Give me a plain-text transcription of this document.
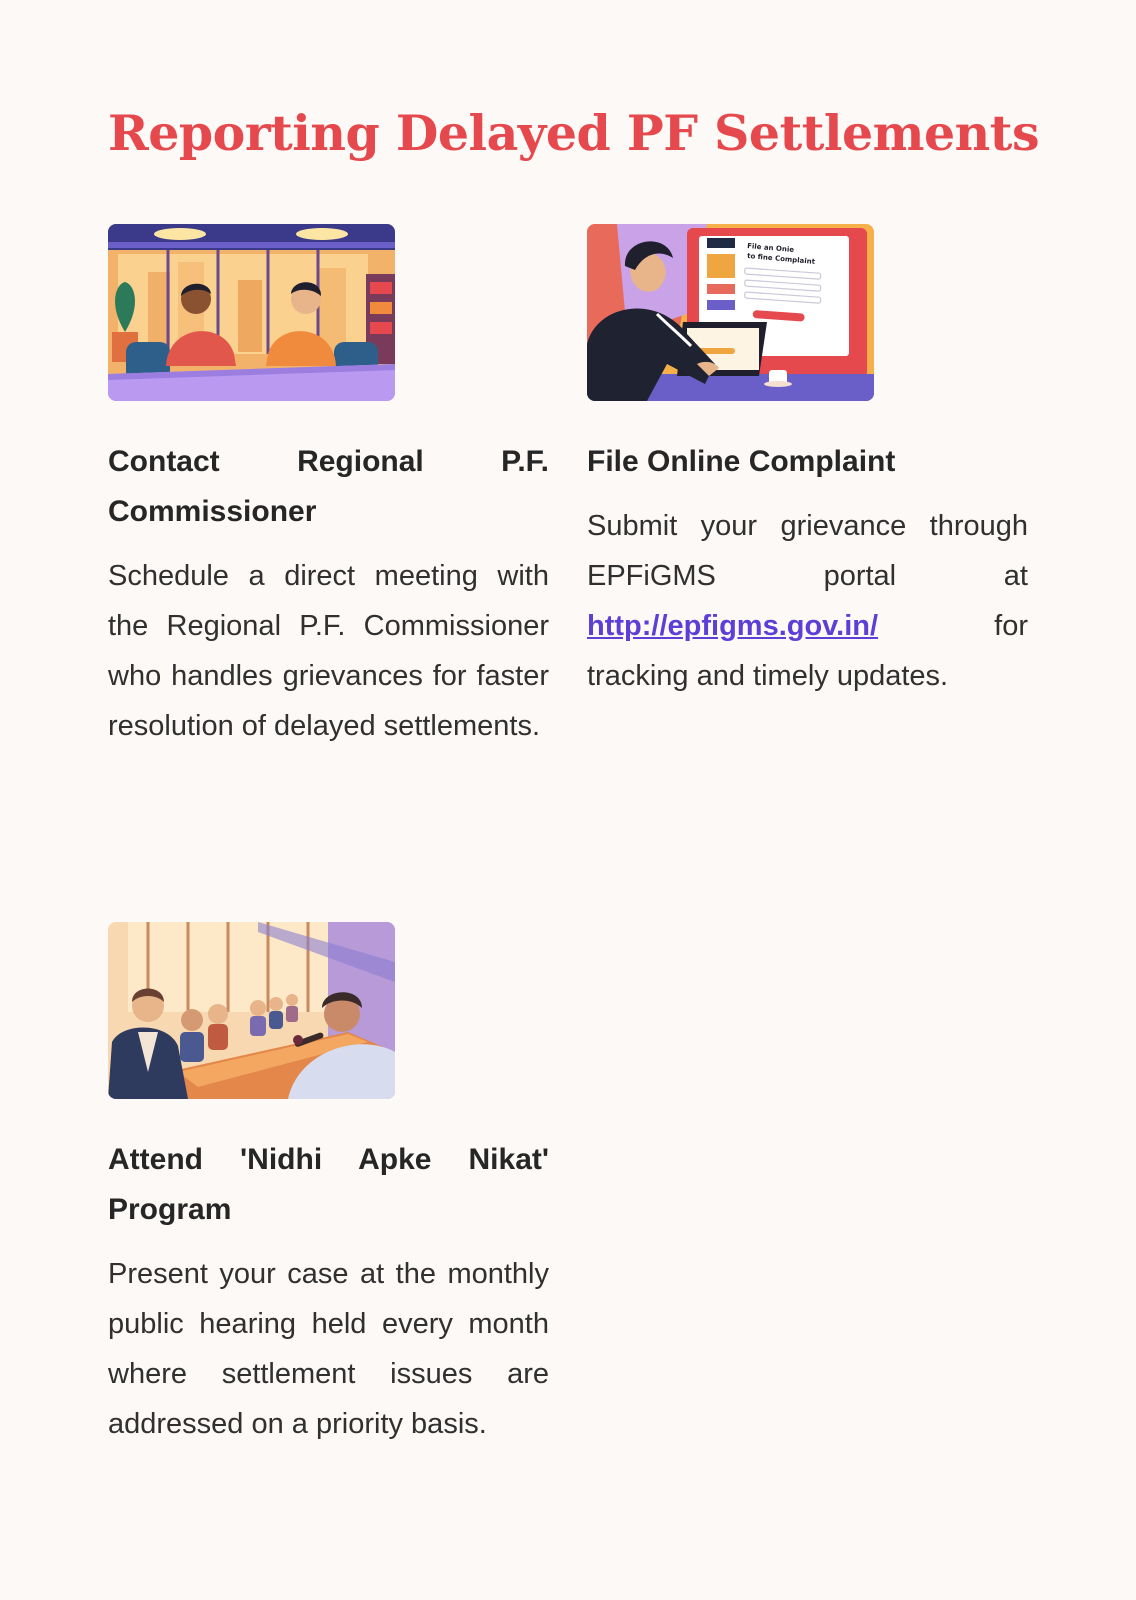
Reporting Delayed PF Settlements
Contact Regional P.F. Commissioner

Schedule a direct meeting with the Regional P.F. Commissioner who handles grievances for faster resolution of delayed settlements.

File an Onie
to fine Complaint
File Online Complaint

Submit your grievance through EPFiGMS portal at http://epfigms.gov.in/ for tracking and timely updates.

Attend 'Nidhi Apke Nikat' Program

Present your case at the monthly public hearing held every month where settlement issues are addressed on a priority basis.
